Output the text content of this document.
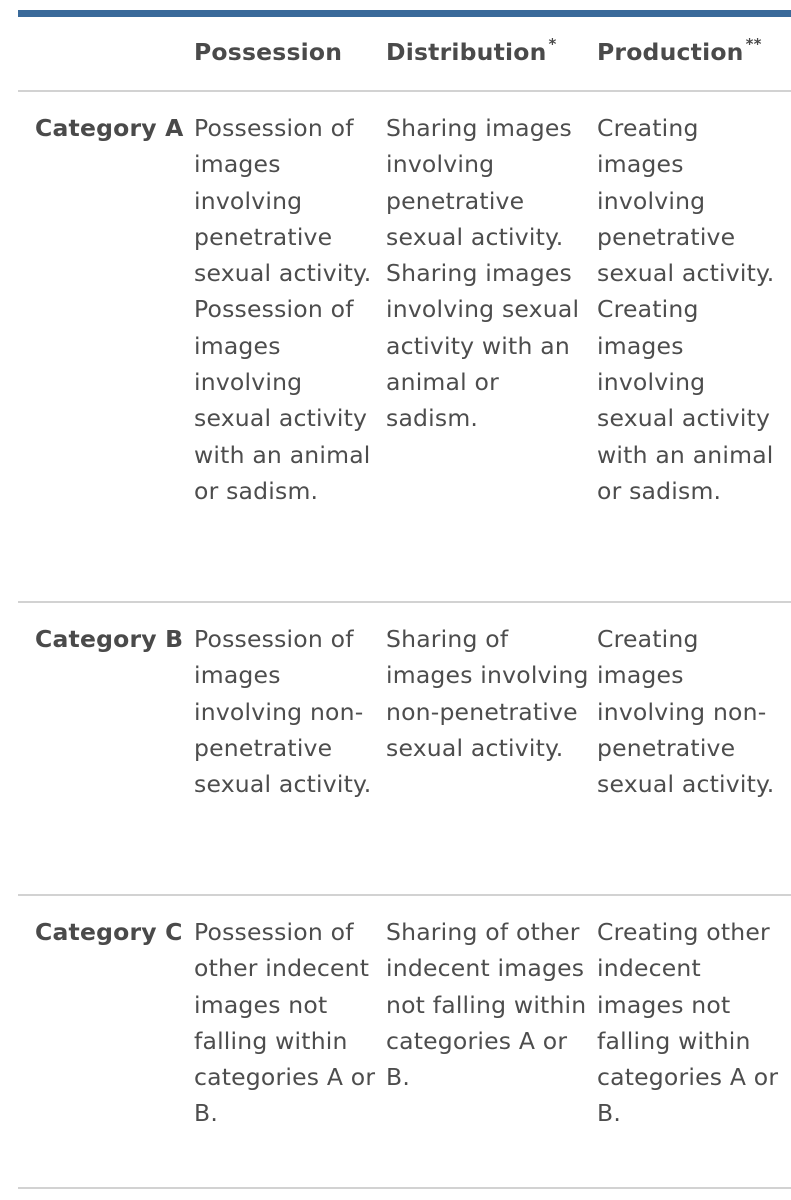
Possession	Distribution *	Production **
Category A Possession of images involving penetrative sexual activity. Possession of images involving sexual activity with an animal or sadism.
Sharing images involving penetrative sexual activity. Sharing images involving sexual activity with an animal or sadism.
Creating images involving penetrative sexual activity. Creating images involving sexual activity with an animal or sadism.
Category B Possession of images involving non-penetrative sexual activity.
Sharing of images involving non-penetrative sexual activity.
Creating images involving non-penetrative sexual activity.
Category C Possession of other indecent images not falling within categories A or B.
Sharing of other indecent images not falling within categories A or B.
Creating other indecent images not falling within categories A or B.
